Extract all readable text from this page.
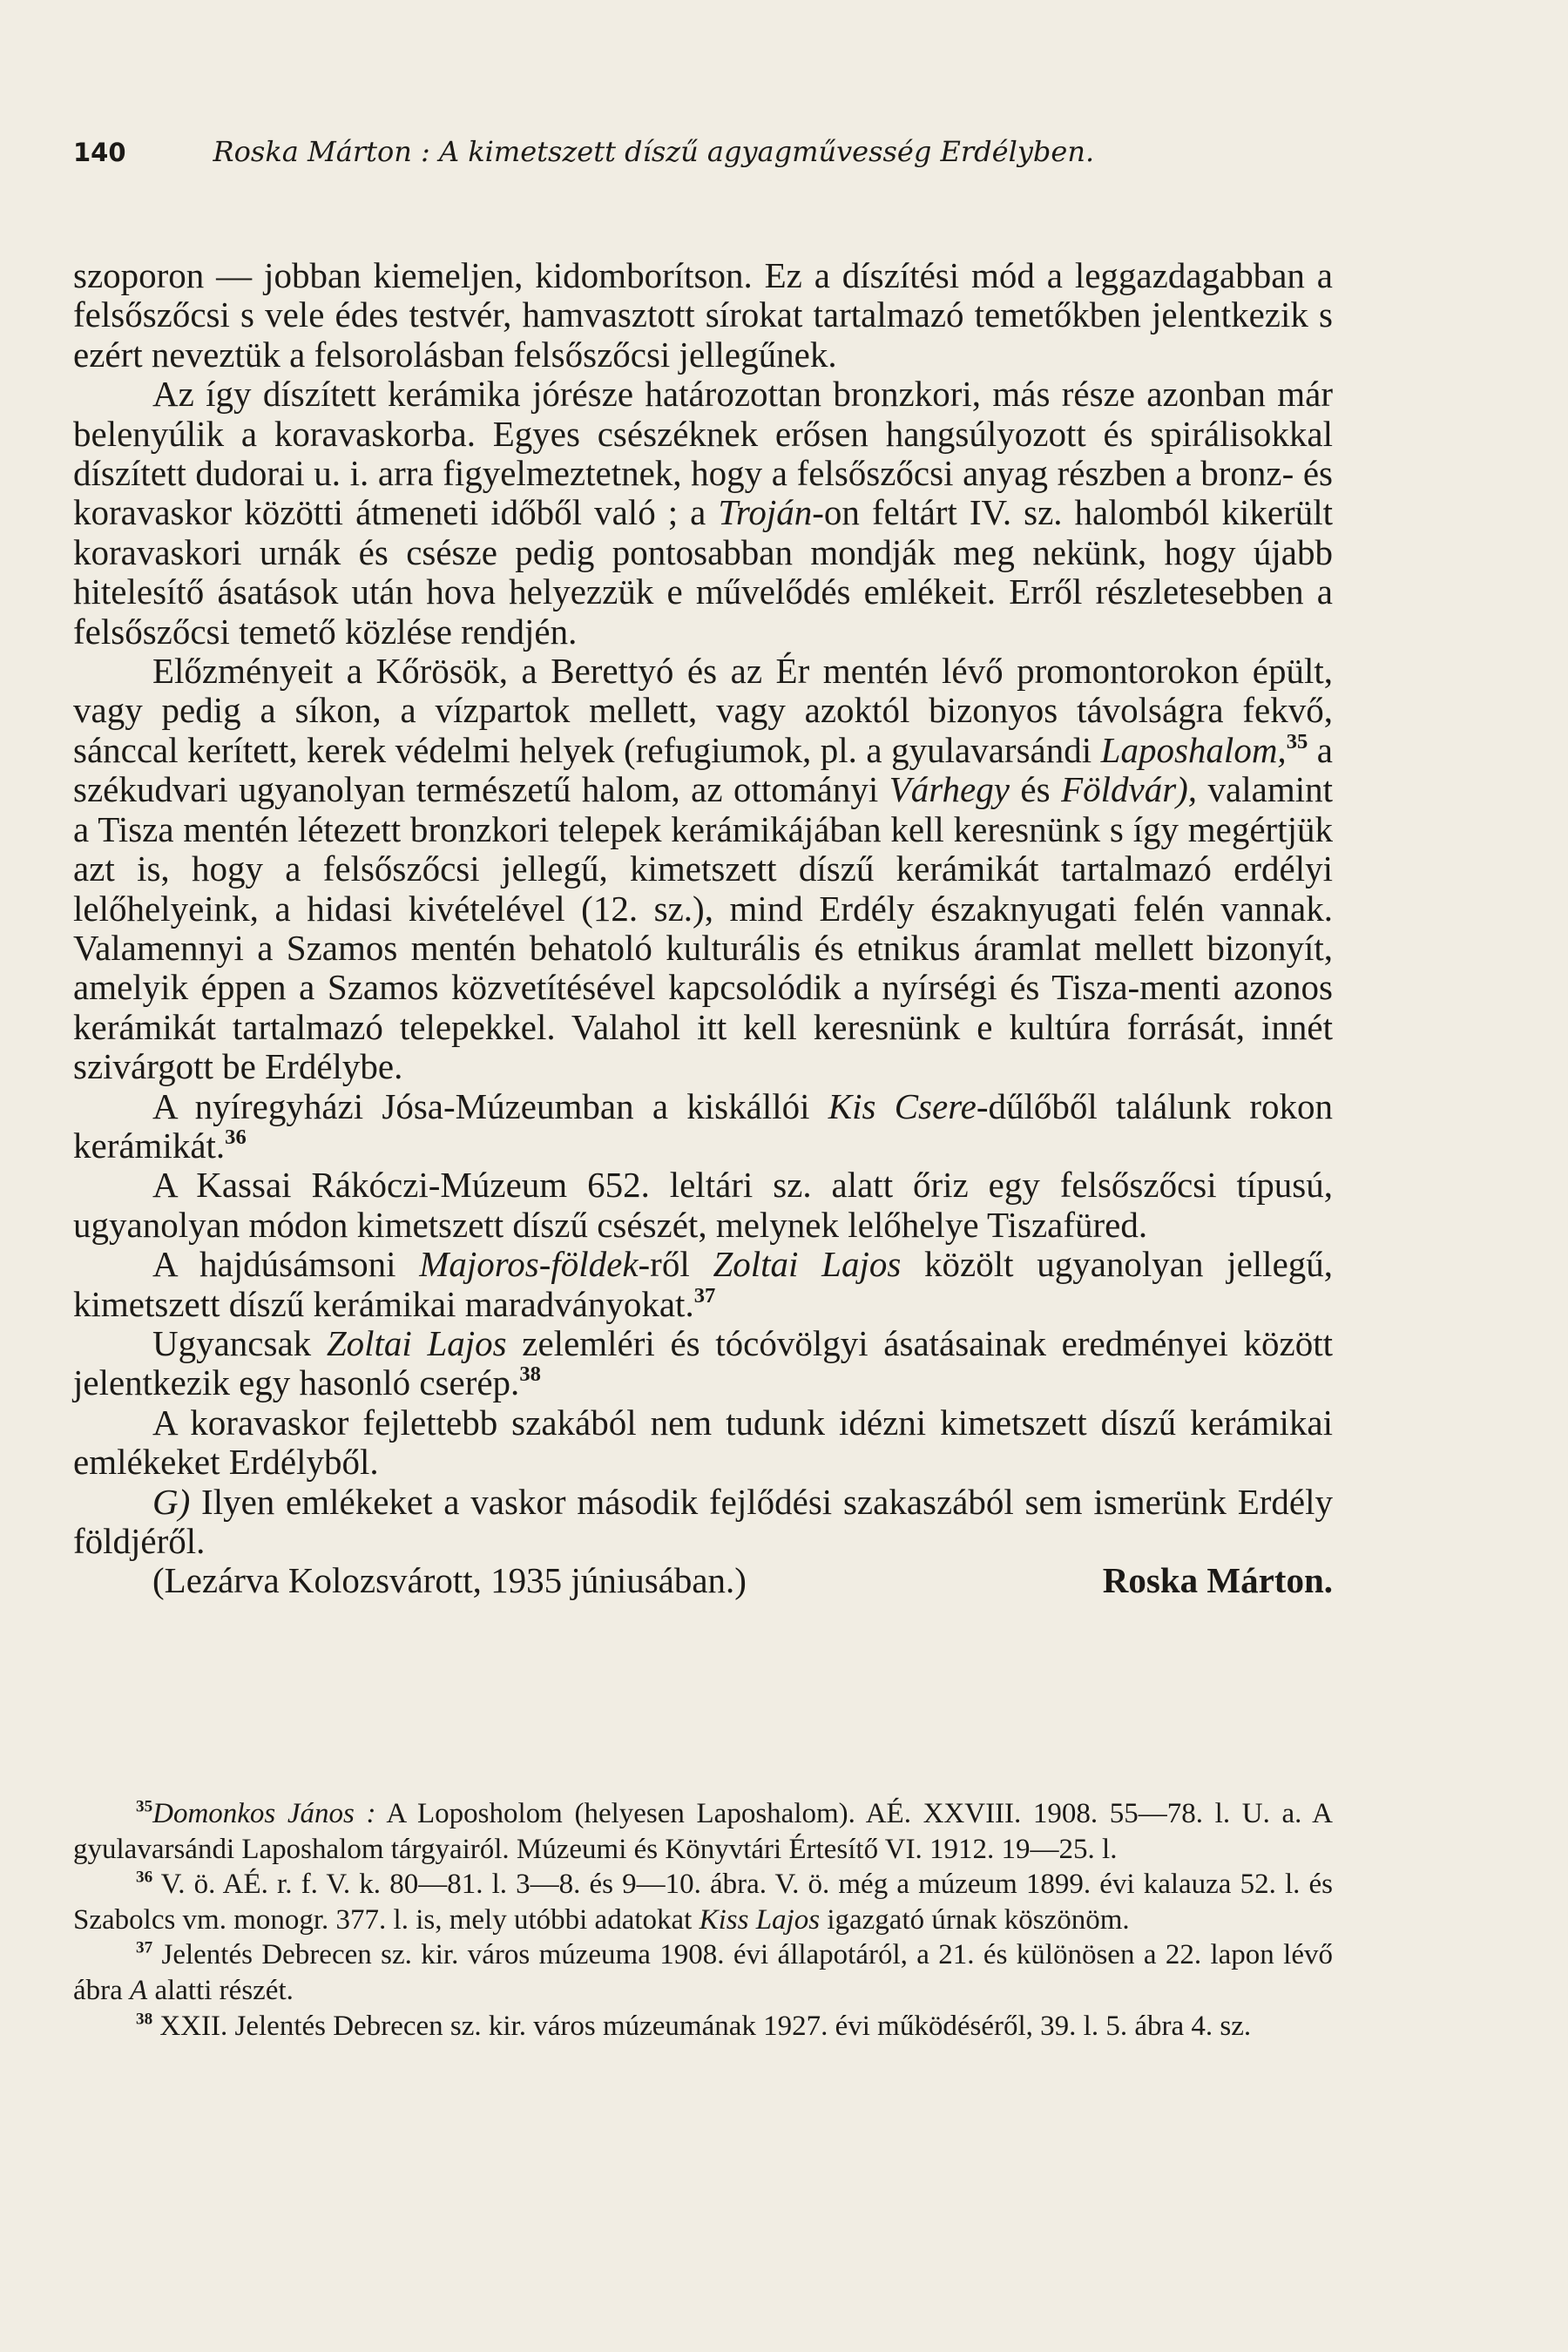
140	Roska Márton : A kimetszett díszű agyagművesség Erdélyben.

szoporon — jobban kiemeljen, kidomborítson. Ez a díszítési mód a leggazdagabban a felsőszőcsi s vele édes testvér, hamvasztott sírokat tartalmazó temetőkben jelentkezik s ezért neveztük a felsorolásban felsőszőcsi jellegűnek.

Az így díszített kerámika jórésze határozottan bronzkori, más része azonban már belenyúlik a koravaskorba. Egyes csészéknek erősen hangsúlyozott és spirálisokkal díszített dudorai u. i. arra figyelmeztetnek, hogy a felsőszőcsi anyag részben a bronz- és koravaskor közötti átmeneti időből való ; a Troján-on feltárt IV. sz. halomból kikerült koravaskori urnák és csésze pedig pontosabban mondják meg nekünk, hogy újabb hitelesítő ásatások után hova helyezzük e művelődés emlékeit. Erről részletesebben a felsőszőcsi temető közlése rendjén.

Előzményeit a Kőrösök, a Berettyó és az Ér mentén lévő promontorokon épült, vagy pedig a síkon, a vízpartok mellett, vagy azoktól bizonyos távolságra fekvő, sánccal kerített, kerek védelmi helyek (refugiumok, pl. a gyulavarsándi Laposhalom,$^{35}$ a székudvari ugyanolyan természetű halom, az ottományi Várhegy és Földvár), valamint a Tisza mentén létezett bronzkori telepek kerámikájában kell keresnünk s így megértjük azt is, hogy a felsőszőcsi jellegű, kimetszett díszű kerámikát tartalmazó erdélyi lelőhelyeink, a hidasi kivételével (12. sz.), mind Erdély északnyugati felén vannak. Valamennyi a Szamos mentén behatoló kulturális és etnikus áramlat mellett bizonyít, amelyik éppen a Szamos közvetítésével kapcsolódik a nyírségi és Tisza-menti azonos kerámikát tartalmazó telepekkel. Valahol itt kell keresnünk e kultúra forrását, innét szivárgott be Erdélybe.

A nyíregyházi Jósa-Múzeumban a kiskállói Kis Csere-dűlőből találunk rokon kerámikát.$^{36}$

A Kassai Rákóczi-Múzeum 652. leltári sz. alatt őriz egy felsőszőcsi típusú, ugyanolyan módon kimetszett díszű csészét, melynek lelőhelye Tiszafüred.

A hajdúsámsoni Majoros-földek-ről Zoltai Lajos közölt ugyanolyan jellegű, kimetszett díszű kerámikai maradványokat.$^{37}$

Ugyancsak Zoltai Lajos zelemléri és tócóvölgyi ásatásainak eredményei között jelentkezik egy hasonló cserép.$^{38}$

A koravaskor fejlettebb szakából nem tudunk idézni kimetszett díszű kerámikai emlékeket Erdélyből.

G) Ilyen emlékeket a vaskor második fejlődési szakaszából sem ismerünk Erdély földjéről.

(Lezárva Kolozsvárott, 1935 júniusában.)	Roska Márton.

$^{35}$Domonkos János : A Loposholom (helyesen Laposhalom). AÉ. XXVIII. 1908. 55—78. l. U. a. A gyulavarsándi Laposhalom tárgyairól. Múzeumi és Könyvtári Értesítő VI. 1912. 19—25. l.

$^{36}$ V. ö. AÉ. r. f. V. k. 80—81. l. 3—8. és 9—10. ábra. V. ö. még a múzeum 1899. évi kalauza 52. l. és Szabolcs vm. monogr. 377. l. is, mely utóbbi adatokat Kiss Lajos igazgató úrnak köszönöm.

$^{37}$ Jelentés Debrecen sz. kir. város múzeuma 1908. évi állapotáról, a 21. és különösen a 22. lapon lévő ábra A alatti részét.

$^{38}$ XXII. Jelentés Debrecen sz. kir. város múzeumának 1927. évi működéséről, 39. l. 5. ábra 4. sz.
